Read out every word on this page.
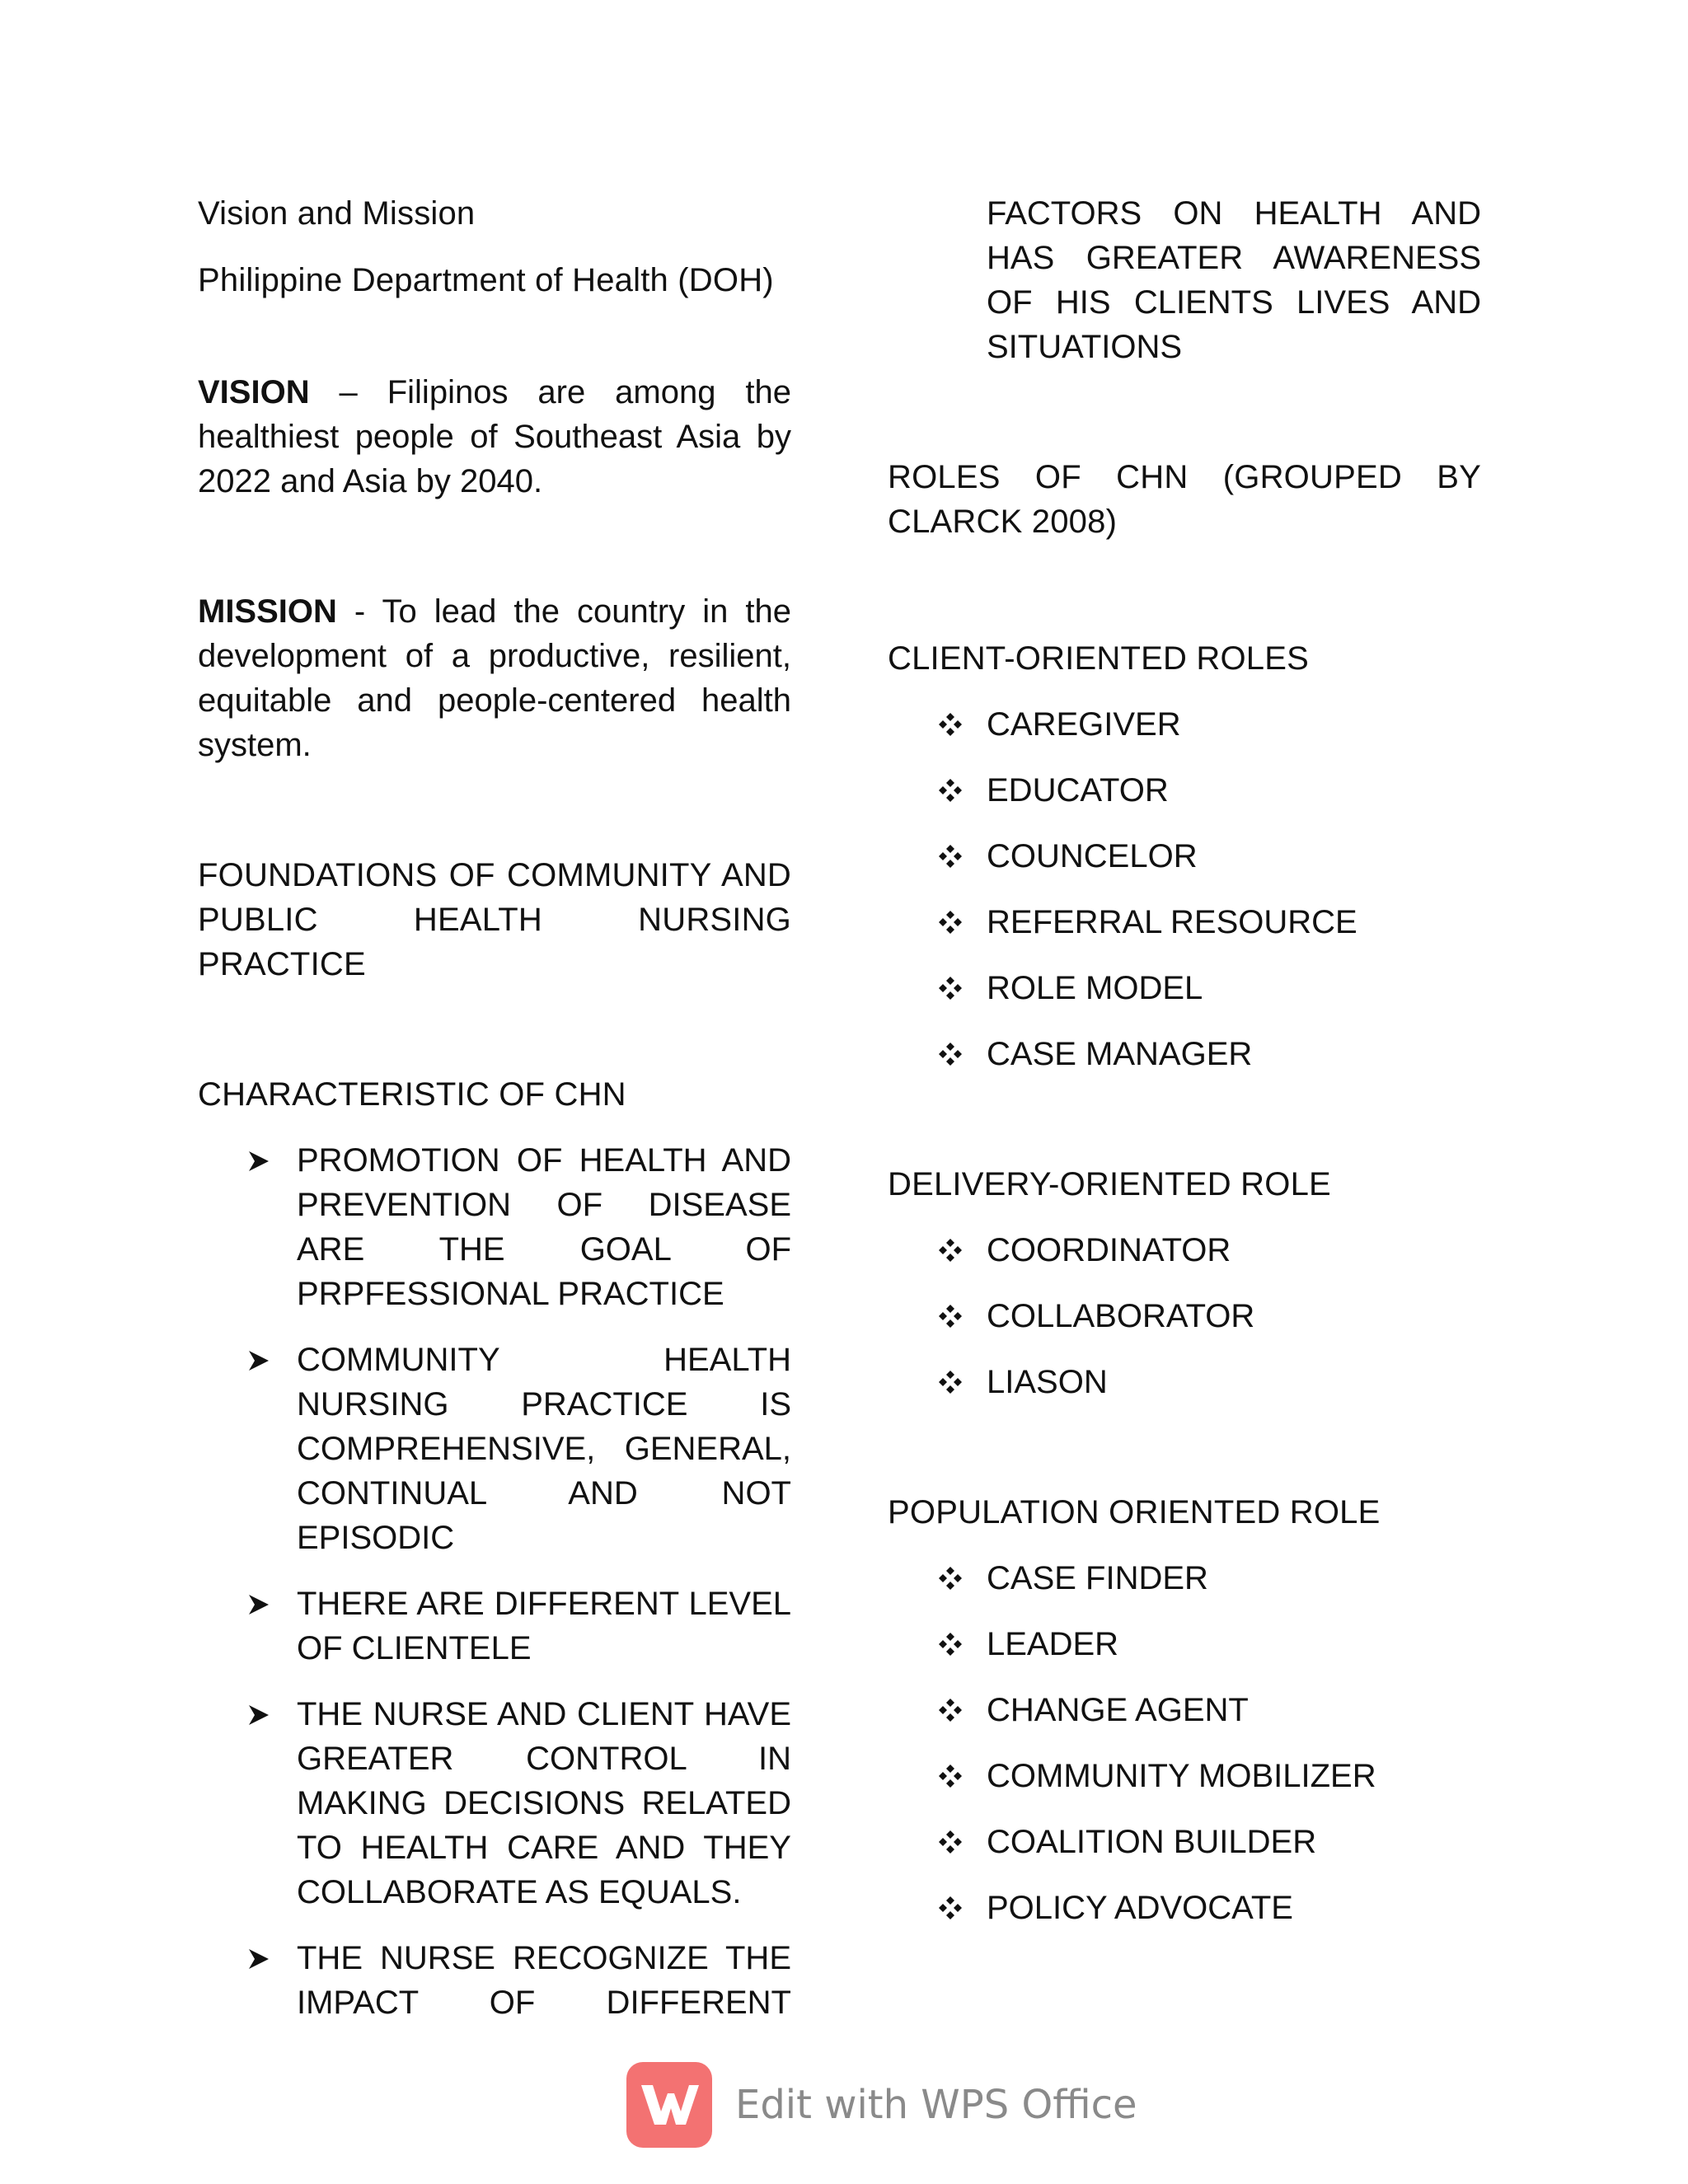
Vision and Mission

Philippine Department of Health (DOH)

VISION – Filipinos are among the healthiest people of Southeast Asia by 2022 and Asia by 2040.

MISSION - To lead the country in the development of a productive, resilient, equitable and people-centered health system.

FOUNDATIONS OF COMMUNITY AND PUBLIC HEALTH NURSING PRACTICE

CHARACTERISTIC OF CHN

PROMOTION OF HEALTH AND PREVENTION OF DISEASE ARE THE GOAL OF PRPFESSIONAL PRACTICE
COMMUNITY HEALTH NURSING PRACTICE IS COMPREHENSIVE, GENERAL, CONTINUAL AND NOT EPISODIC
THERE ARE DIFFERENT LEVEL OF CLIENTELE
THE NURSE AND CLIENT HAVE GREATER CONTROL IN MAKING DECISIONS RELATED TO HEALTH CARE AND THEY COLLABORATE AS EQUALS.
THE NURSE RECOGNIZE THE IMPACT OF DIFFERENT

FACTORS ON HEALTH AND HAS GREATER AWARENESS OF HIS CLIENTS LIVES AND SITUATIONS

ROLES OF CHN (GROUPED BY CLARCK 2008)

CLIENT-ORIENTED ROLES

CAREGIVER
EDUCATOR
COUNCELOR
REFERRAL RESOURCE
ROLE MODEL
CASE MANAGER

DELIVERY-ORIENTED ROLE

COORDINATOR
COLLABORATOR
LIASON

POPULATION ORIENTED ROLE

CASE FINDER
LEADER
CHANGE AGENT
COMMUNITY MOBILIZER
COALITION BUILDER
POLICY ADVOCATE
Edit with WPS Office
